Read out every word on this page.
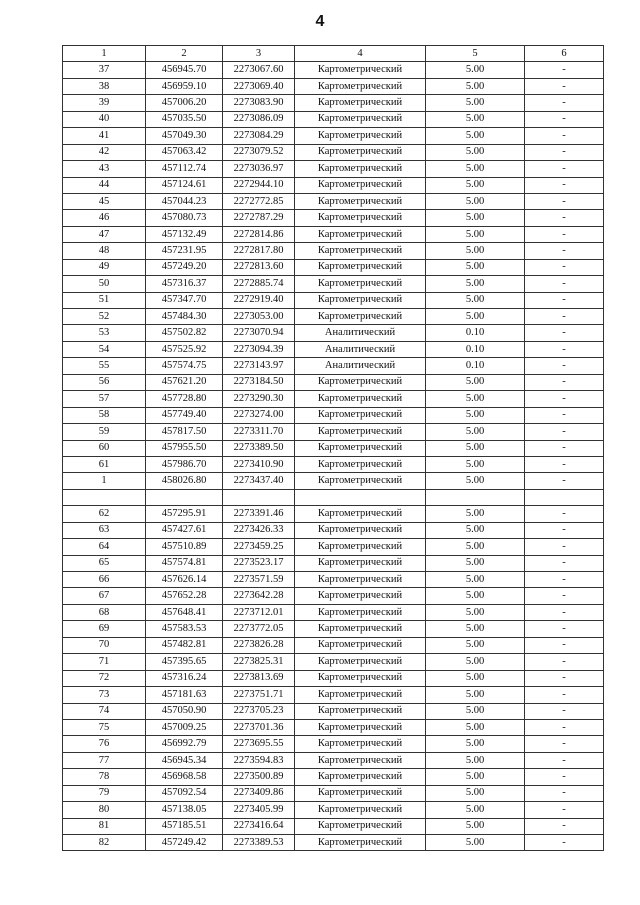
4
1	2	3	4	5	6
37	456945.70	2273067.60	Картометрический	5.00	-
38	456959.10	2273069.40	Картометрический	5.00	-
39	457006.20	2273083.90	Картометрический	5.00	-
40	457035.50	2273086.09	Картометрический	5.00	-
41	457049.30	2273084.29	Картометрический	5.00	-
42	457063.42	2273079.52	Картометрический	5.00	-
43	457112.74	2273036.97	Картометрический	5.00	-
44	457124.61	2272944.10	Картометрический	5.00	-
45	457044.23	2272772.85	Картометрический	5.00	-
46	457080.73	2272787.29	Картометрический	5.00	-
47	457132.49	2272814.86	Картометрический	5.00	-
48	457231.95	2272817.80	Картометрический	5.00	-
49	457249.20	2272813.60	Картометрический	5.00	-
50	457316.37	2272885.74	Картометрический	5.00	-
51	457347.70	2272919.40	Картометрический	5.00	-
52	457484.30	2273053.00	Картометрический	5.00	-
53	457502.82	2273070.94	Аналитический	0.10	-
54	457525.92	2273094.39	Аналитический	0.10	-
55	457574.75	2273143.97	Аналитический	0.10	-
56	457621.20	2273184.50	Картометрический	5.00	-
57	457728.80	2273290.30	Картометрический	5.00	-
58	457749.40	2273274.00	Картометрический	5.00	-
59	457817.50	2273311.70	Картометрический	5.00	-
60	457955.50	2273389.50	Картометрический	5.00	-
61	457986.70	2273410.90	Картометрический	5.00	-
1	458026.80	2273437.40	Картометрический	5.00	-

62	457295.91	2273391.46	Картометрический	5.00	-
63	457427.61	2273426.33	Картометрический	5.00	-
64	457510.89	2273459.25	Картометрический	5.00	-
65	457574.81	2273523.17	Картометрический	5.00	-
66	457626.14	2273571.59	Картометрический	5.00	-
67	457652.28	2273642.28	Картометрический	5.00	-
68	457648.41	2273712.01	Картометрический	5.00	-
69	457583.53	2273772.05	Картометрический	5.00	-
70	457482.81	2273826.28	Картометрический	5.00	-
71	457395.65	2273825.31	Картометрический	5.00	-
72	457316.24	2273813.69	Картометрический	5.00	-
73	457181.63	2273751.71	Картометрический	5.00	-
74	457050.90	2273705.23	Картометрический	5.00	-
75	457009.25	2273701.36	Картометрический	5.00	-
76	456992.79	2273695.55	Картометрический	5.00	-
77	456945.34	2273594.83	Картометрический	5.00	-
78	456968.58	2273500.89	Картометрический	5.00	-
79	457092.54	2273409.86	Картометрический	5.00	-
80	457138.05	2273405.99	Картометрический	5.00	-
81	457185.51	2273416.64	Картометрический	5.00	-
82	457249.42	2273389.53	Картометрический	5.00	-
